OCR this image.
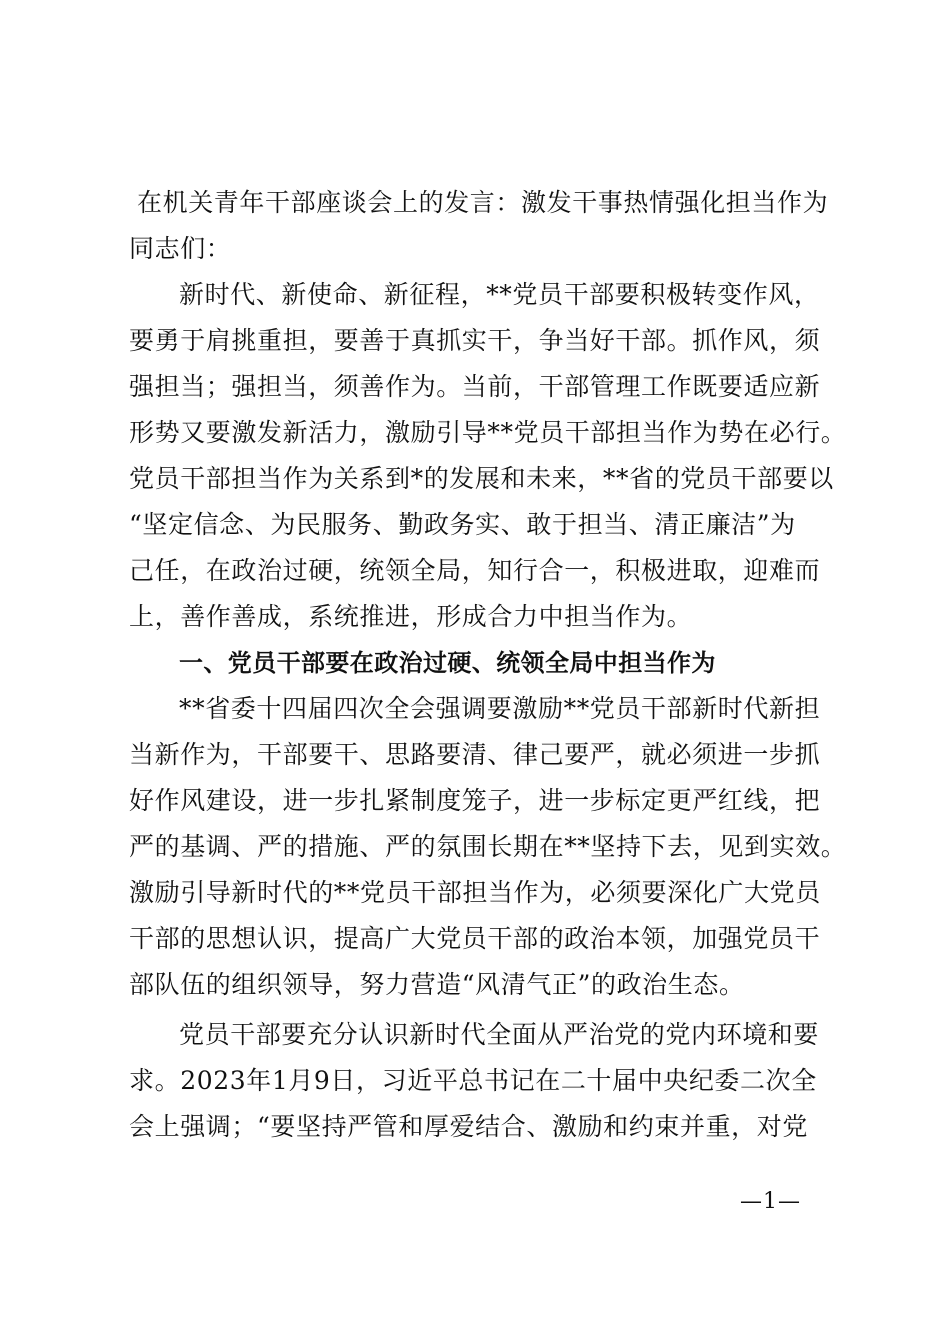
在机关青年干部座谈会上的发言：激发干事热情强化担当作为
同志们：
新时代、新使命、新征程，**党员干部要积极转变作风，
要勇于肩挑重担，要善于真抓实干，争当好干部。抓作风，须
强担当；强担当，须善作为。当前，干部管理工作既要适应新
形势又要激发新活力，激励引导**党员干部担当作为势在必行。
党员干部担当作为关系到*的发展和未来，**省的党员干部要以
“坚定信念、为民服务、勤政务实、敢于担当、清正廉洁”为
己任，在政治过硬，统领全局，知行合一，积极进取，迎难而
上，善作善成，系统推进，形成合力中担当作为。
一、党员干部要在政治过硬、统领全局中担当作为
**省委十四届四次全会强调要激励**党员干部新时代新担
当新作为，干部要干、思路要清、律己要严，就必须进一步抓
好作风建设，进一步扎紧制度笼子，进一步标定更严红线，把
严的基调、严的措施、严的氛围长期在**坚持下去，见到实效。
激励引导新时代的**党员干部担当作为，必须要深化广大党员
干部的思想认识，提高广大党员干部的政治本领，加强党员干
部队伍的组织领导，努力营造“风清气正”的政治生态。
党员干部要充分认识新时代全面从严治党的党内环境和要
求。2023年1月9日，习近平总书记在二十届中央纪委二次全
会上强调；“要坚持严管和厚爱结合、激励和约束并重，对党
—1—
